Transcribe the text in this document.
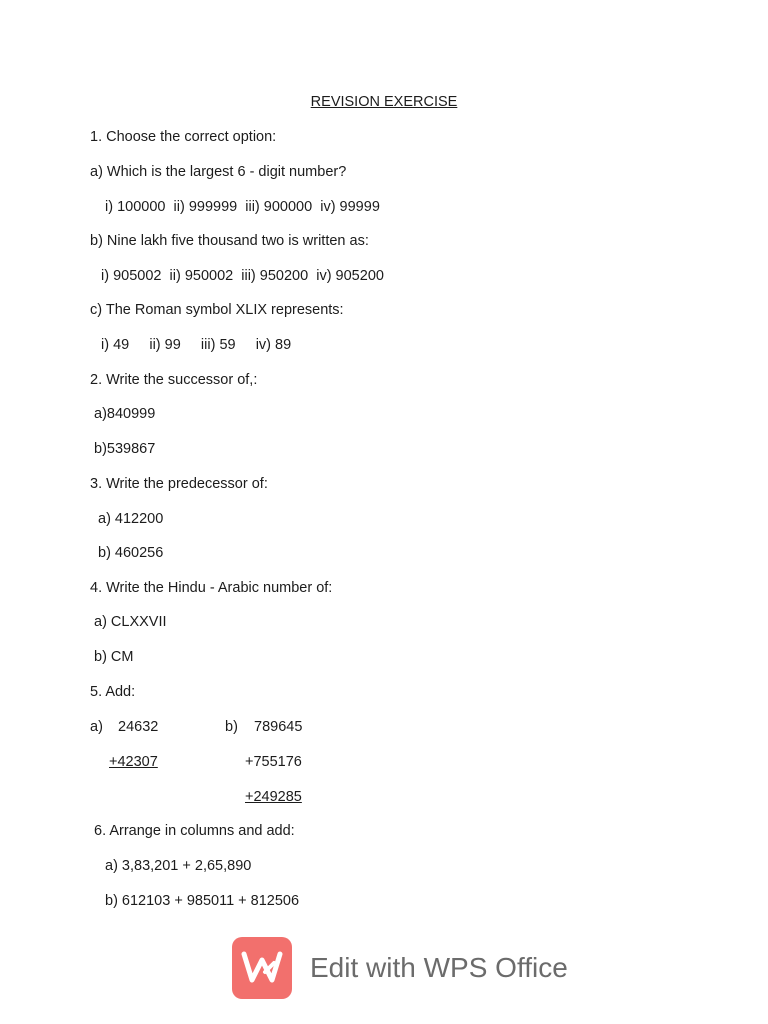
REVISION EXERCISE

1. Choose the correct option:

a) Which is the largest 6 - digit number?

i) 100000  ii) 999999  iii) 900000  iv) 99999

b) Nine lakh five thousand two is written as:

i) 905002  ii) 950002  iii) 950200  iv) 905200

c) The Roman symbol XLIX represents:

i) 49     ii) 99     iii) 59     iv) 89

2. Write the successor of,:

a)840999

b)539867

3. Write the predecessor of:

a) 412200

b) 460256

4. Write the Hindu - Arabic number of:

a) CLXXVII

b) CM

5. Add:

a) 24632

+42307

b) 789645

+755176

+249285

6. Arrange in columns and add:

a) 3,83,201 + 2,65,890

b) 612103 + 985011 + 812506

Edit with WPS Office
